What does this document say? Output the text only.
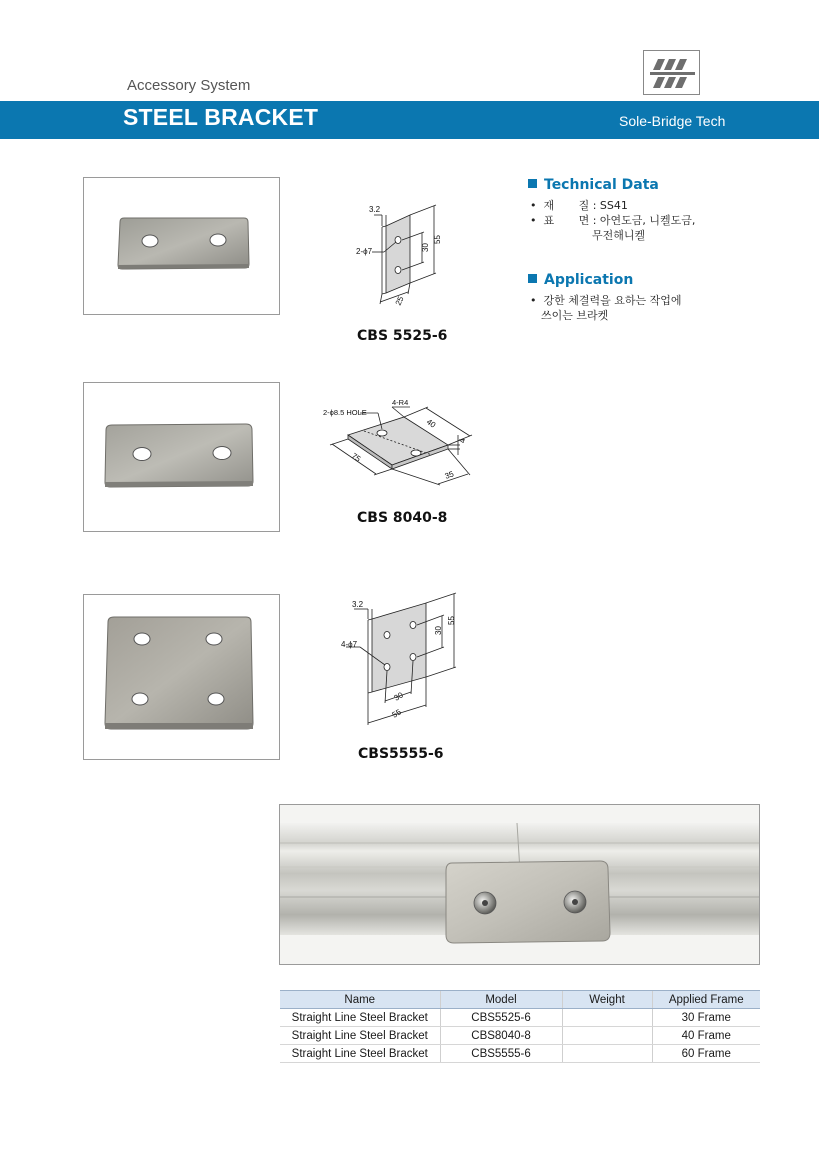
Accessory System
STEEL BRACKET	Sole-Bridge Tech
3.2
2-ϕ7	30
55
25
CBS 5525-6
Technical Data
•  재       질 : SS41
•  표       면 : 아연도금, 니켈도금,
무전해니켈
Application
•  강한 체결력을 요하는 작업에
쓰이는 브라켓
2-ϕ8.5 HOLE
4-R4
40
4
75
35
CBS 8040-8
3.2
4-ϕ7
30
55
30
55
CBS5555-6
Name	Model	Weight	Applied Frame
Straight Line Steel Bracket	CBS5525-6		30 Frame
Straight Line Steel Bracket	CBS8040-8		40 Frame
Straight Line Steel Bracket	CBS5555-6		60 Frame
